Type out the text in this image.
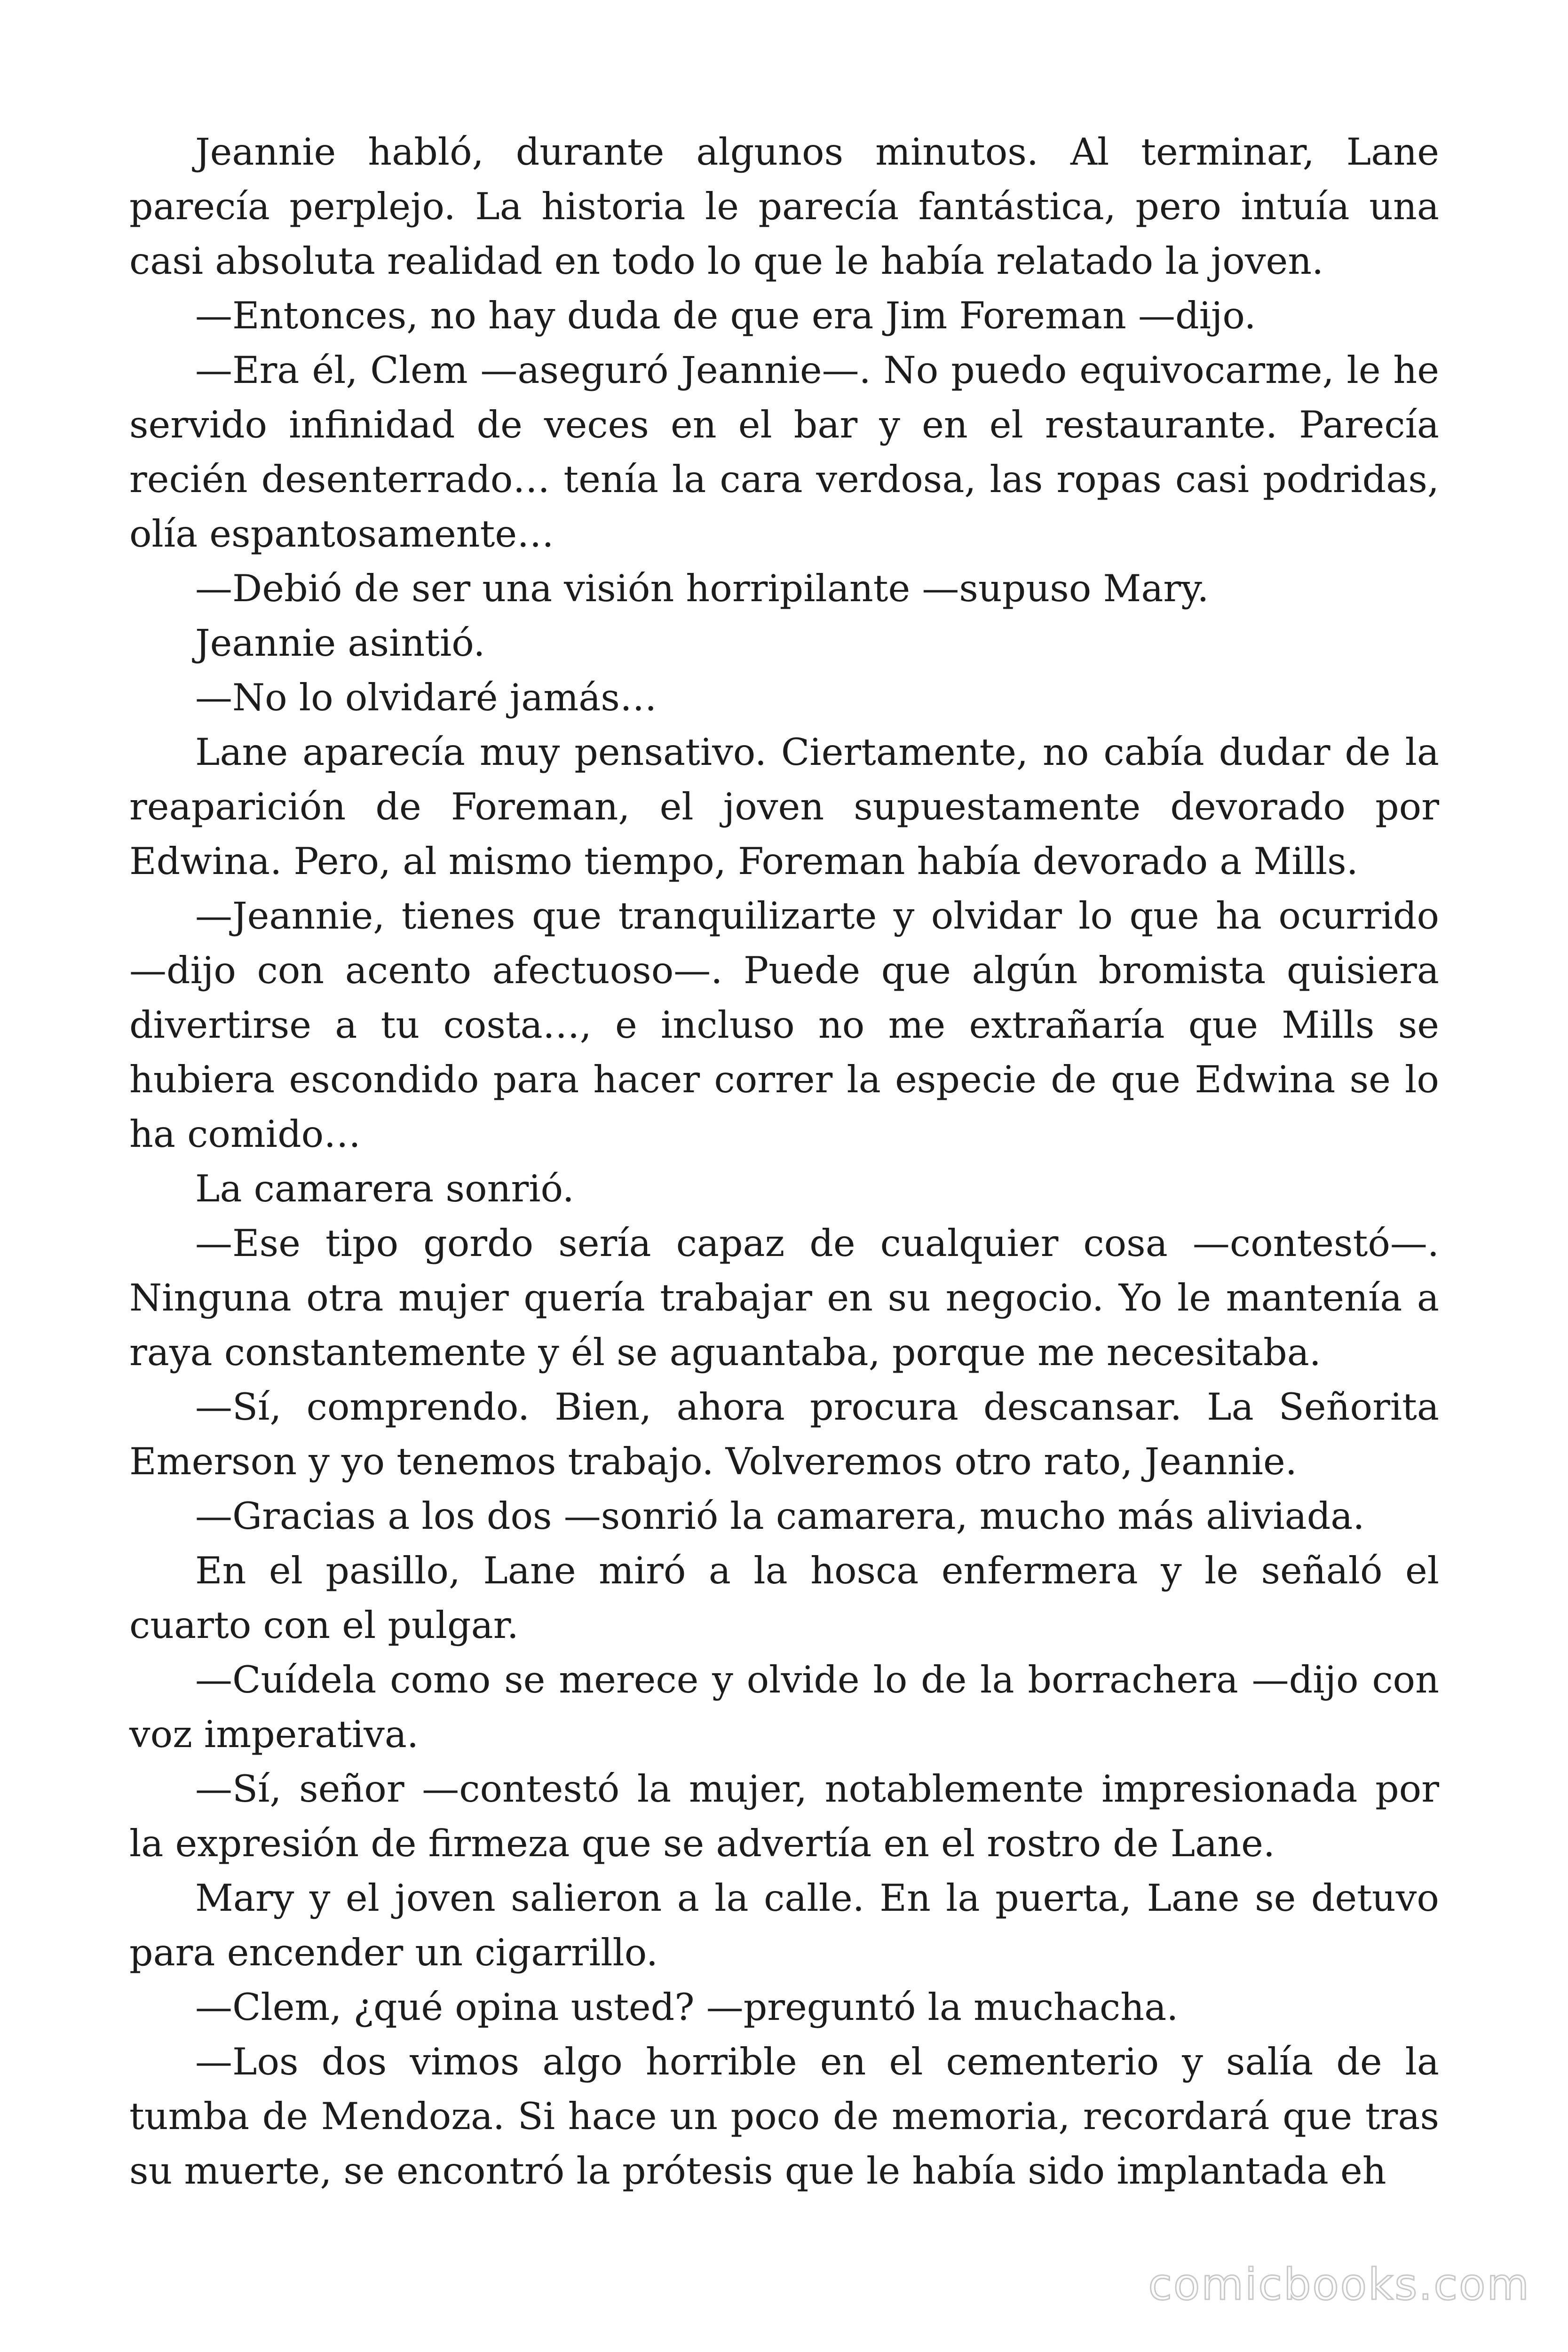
Jeannie habló, durante algunos minutos. Al terminar, Lane parecía perplejo. La historia le parecía fantástica, pero intuía una casi absoluta realidad en todo lo que le había relatado la joven.

—Entonces, no hay duda de que era Jim Foreman —dijo.

—Era él, Clem —aseguró Jeannie—. No puedo equivocarme, le he servido infinidad de veces en el bar y en el restaurante. Parecía recién desenterrado… tenía la cara verdosa, las ropas casi podridas, olía espantosamente…

—Debió de ser una visión horripilante —supuso Mary.

Jeannie asintió.

—No lo olvidaré jamás…

Lane aparecía muy pensativo. Ciertamente, no cabía dudar de la reaparición de Foreman, el joven supuestamente devorado por Edwina. Pero, al mismo tiempo, Foreman había devorado a Mills.

—Jeannie, tienes que tranquilizarte y olvidar lo que ha ocurrido —dijo con acento afectuoso—. Puede que algún bromista quisiera divertirse a tu costa…, e incluso no me extrañaría que Mills se hubiera escondido para hacer correr la especie de que Edwina se lo ha comido…

La camarera sonrió.

—Ese tipo gordo sería capaz de cualquier cosa —contestó—. Ninguna otra mujer quería trabajar en su negocio. Yo le mantenía a raya constantemente y él se aguantaba, porque me necesitaba.

—Sí, comprendo. Bien, ahora procura descansar. La Señorita Emerson y yo tenemos trabajo. Volveremos otro rato, Jeannie.

—Gracias a los dos —sonrió la camarera, mucho más aliviada.

En el pasillo, Lane miró a la hosca enfermera y le señaló el cuarto con el pulgar.

—Cuídela como se merece y olvide lo de la borrachera —dijo con voz imperativa.

—Sí, señor —contestó la mujer, notablemente impresionada por la expresión de firmeza que se advertía en el rostro de Lane.

Mary y el joven salieron a la calle. En la puerta, Lane se detuvo para encender un cigarrillo.

—Clem, ¿qué opina usted? —preguntó la muchacha.

—Los dos vimos algo horrible en el cementerio y salía de la tumba de Mendoza. Si hace un poco de memoria, recordará que tras su muerte, se encontró la prótesis que le había sido implantada eh

comicbooks.com
